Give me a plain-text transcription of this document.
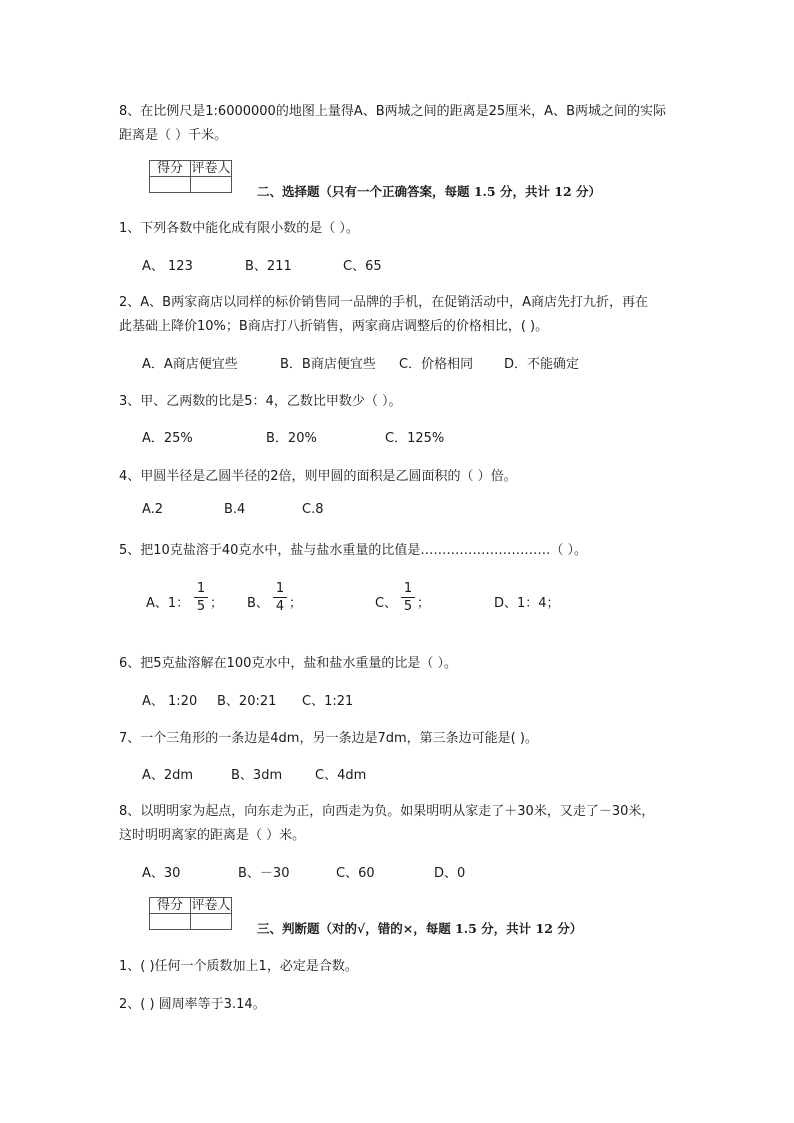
8、在比例尺是1:6000000的地图上量得A、B两城之间的距离是25厘米，A、B两城之间的实际
距离是（ ）千米。
得分	评卷人

二、选择题（只有一个正确答案，每题 1.5 分，共计 12 分）
1、下列各数中能化成有限小数的是（ ）。
A、 123	B、211	C、65
2、A、B两家商店以同样的标价销售同一品牌的手机，在促销活动中，A商店先打九折，再在
此基础上降价10%；B商店打八折销售，两家商店调整后的价格相比，( )。
A．A商店便宜些	B．B商店便宜些 C．价格相同 D．不能确定
3、甲、乙两数的比是5：4，乙数比甲数少（ ）。
A．25%	B．20%	C．125%
4、甲圆半径是乙圆半径的2倍，则甲圆的面积是乙圆面积的（ ）倍。
A.2	B.4	C.8
5、把10克盐溶于40克水中，盐与盐水重量的比值是…………………………（ ）。
A、1：
1
5 ； B、
1
4 ；	C、
1
5 ；	D、1：4；
6、把5克盐溶解在100克水中，盐和盐水重量的比是（ ）。
A、 1:20 B、20:21 C、1:21
7、一个三角形的一条边是4dm，另一条边是7dm，第三条边可能是( )。
A、2dm	B、3dm	C、4dm
8、以明明家为起点，向东走为正，向西走为负。如果明明从家走了＋30米，又走了－30米，
这时明明离家的距离是（ ）米。
A、30	B、－30	C、60	D、0
得分	评卷人

三、判断题（对的√，错的×，每题 1.5 分，共计 12 分）
1、( )任何一个质数加上1，必定是合数。
2、( ) 圆周率等于3.14。
